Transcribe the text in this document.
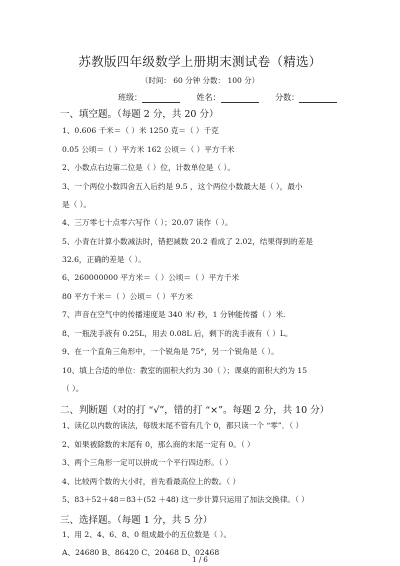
苏教版四年级数学上册期末测试卷（精选）
（时间： 60 分钟 分数： 100 分）
班级：	姓名：	分数：
一、填空题。（每题 2 分，共 20 分）
1、0.606 千米＝（ ）米 1250 克＝（ ）千克
0.05 公顷＝（ ）平方米 162 公顷＝（ ）平方千米
2、小数点右边第二位是（ ）位，计数单位是（ ）。
3、一个两位小数四舍五入后约是 9.5 ，这个两位小数最大是（ ），最小
是（ ）。
4、三万零七十点零六写作（ ）；20.07 读作（ ）。
5、小青在计算小数减法时，错把减数 20.2 看成了 2.02，结果得到的差是
32.6，正确的差是（ ）。
6、260000000 平方米＝（ ）公顷＝（ ）平方千米
80 平方千米＝（ ）公顷＝（ ）平方米
7、声音在空气中的传播速度是 340 米/ 秒，1 分钟能传播（ ）米.
8、一瓶洗手液有 0.25L，用去 0.08L 后，剩下的洗手液有（ ）L。
9、在一个直角三角形中，一个锐角是 75°，另一个锐角是（ ）。
10、填上合适的单位：教室的面积大约为 30（ ）；课桌的面积大约为 15
（ ）。
二、判断题（对的打 “√”，错的打 “×”。每题 2 分，共 10 分）
1、读亿以内数的读法，每级末尾不管有几个 0，都只读一个 “零”．（ ）
2、如果被除数的末尾有 0，那么商的末尾一定有 0。（ ）
3、两个三角形一定可以拼成一个平行四边形。（ ）
4、比较两个数的大小时，首先看最高位上的数。（ ）
5、83＋52＋48＝83＋(52 ＋48) 这一步计算只运用了加法交换律。（ ）
三、选择题。（每题 1 分，共 5 分）
1、用 2、4、6、8、0 组成最小的五位数是（ ）。
A、24680 B、86420 C、20468 D、02468
1 / 6
